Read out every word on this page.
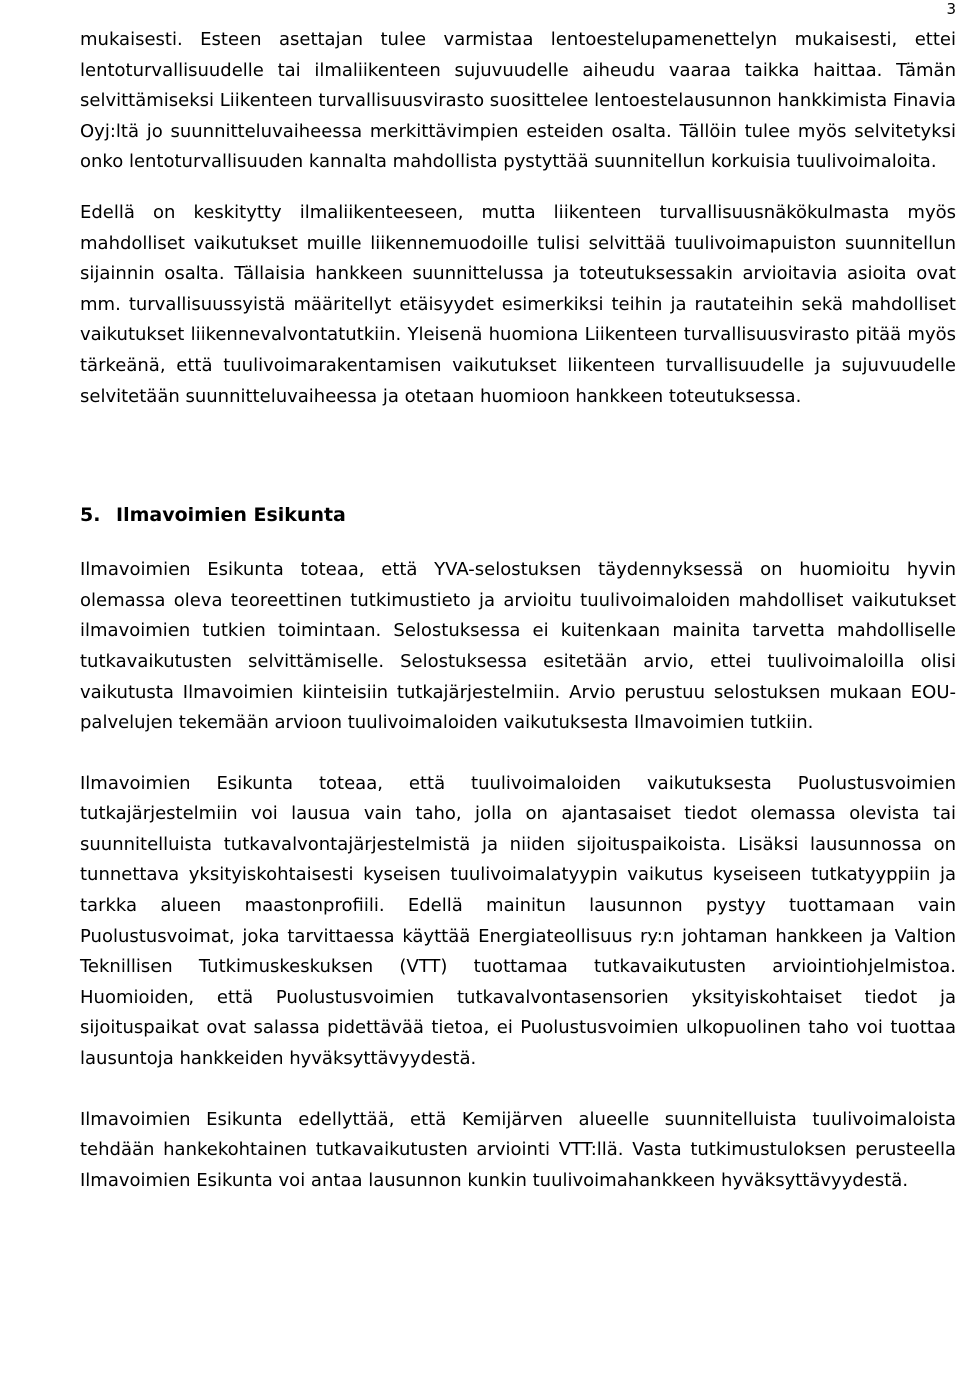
3

mukaisesti. Esteen asettajan tulee varmistaa lentoestelupamenettelyn mukaisesti, ettei lentoturvallisuudelle tai ilmaliikenteen sujuvuudelle aiheudu vaaraa taikka haittaa. Tämän selvittämiseksi Liikenteen turvallisuusvirasto suosittelee lentoestelausunnon hankkimista Finavia Oyj:ltä jo suunnitteluvaiheessa merkittävimpien esteiden osalta. Tällöin tulee myös selvitetyksi onko lentoturvallisuuden kannalta mahdollista pystyttää suunnitellun korkuisia tuulivoimaloita.

Edellä on keskitytty ilmaliikenteeseen, mutta liikenteen turvallisuusnäkökulmasta myös mahdolliset vaikutukset muille liikennemuodoille tulisi selvittää tuulivoimapuiston suunnitellun sijainnin osalta. Tällaisia hankkeen suunnittelussa ja toteutuksessakin arvioitavia asioita ovat mm. turvallisuussyistä määritellyt etäisyydet esimerkiksi teihin ja rautateihin sekä mahdolliset vaikutukset liikennevalvontatutkiin. Yleisenä huomiona Liikenteen turvallisuusvirasto pitää myös tärkeänä, että tuulivoimarakentamisen vaikutukset liikenteen turvallisuudelle ja sujuvuudelle selvitetään suunnitteluvaiheessa ja otetaan huomioon hankkeen toteutuksessa.

5. Ilmavoimien Esikunta

Ilmavoimien Esikunta toteaa, että YVA-selostuksen täydennyksessä on huomioitu hyvin olemassa oleva teoreettinen tutkimustieto ja arvioitu tuulivoimaloiden mahdolliset vaikutukset ilmavoimien tutkien toimintaan. Selostuksessa ei kuitenkaan mainita tarvetta mahdolliselle tutkavaikutusten selvittämiselle. Selostuksessa esitetään arvio, ettei tuulivoimaloilla olisi vaikutusta Ilmavoimien kiinteisiin tutkajärjestelmiin. Arvio perustuu selostuksen mukaan EOU-palvelujen tekemään arvioon tuulivoimaloiden vaikutuksesta Ilmavoimien tutkiin.

Ilmavoimien Esikunta toteaa, että tuulivoimaloiden vaikutuksesta Puolustusvoimien tutkajärjestelmiin voi lausua vain taho, jolla on ajantasaiset tiedot olemassa olevista tai suunnitelluista tutkavalvontajärjestelmistä ja niiden sijoituspaikoista. Lisäksi lausunnossa on tunnettava yksityiskohtaisesti kyseisen tuulivoimalatyypin vaikutus kyseiseen tutkatyyppiin ja tarkka alueen maastonprofiili. Edellä mainitun lausunnon pystyy tuottamaan vain Puolustusvoimat, joka tarvittaessa käyttää Energiateollisuus ry:n johtaman hankkeen ja Valtion Teknillisen Tutkimuskeskuksen (VTT) tuottamaa tutkavaikutusten arviointiohjelmistoa. Huomioiden, että Puolustusvoimien tutkavalvontasensorien yksityiskohtaiset tiedot ja sijoituspaikat ovat salassa pidettävää tietoa, ei Puolustusvoimien ulkopuolinen taho voi tuottaa lausuntoja hankkeiden hyväksyttävyydestä.

Ilmavoimien Esikunta edellyttää, että Kemijärven alueelle suunnitelluista tuulivoimaloista tehdään hankekohtainen tutkavaikutusten arviointi VTT:llä. Vasta tutkimustuloksen perusteella Ilmavoimien Esikunta voi antaa lausunnon kunkin tuulivoimahankkeen hyväksyttävyydestä.
